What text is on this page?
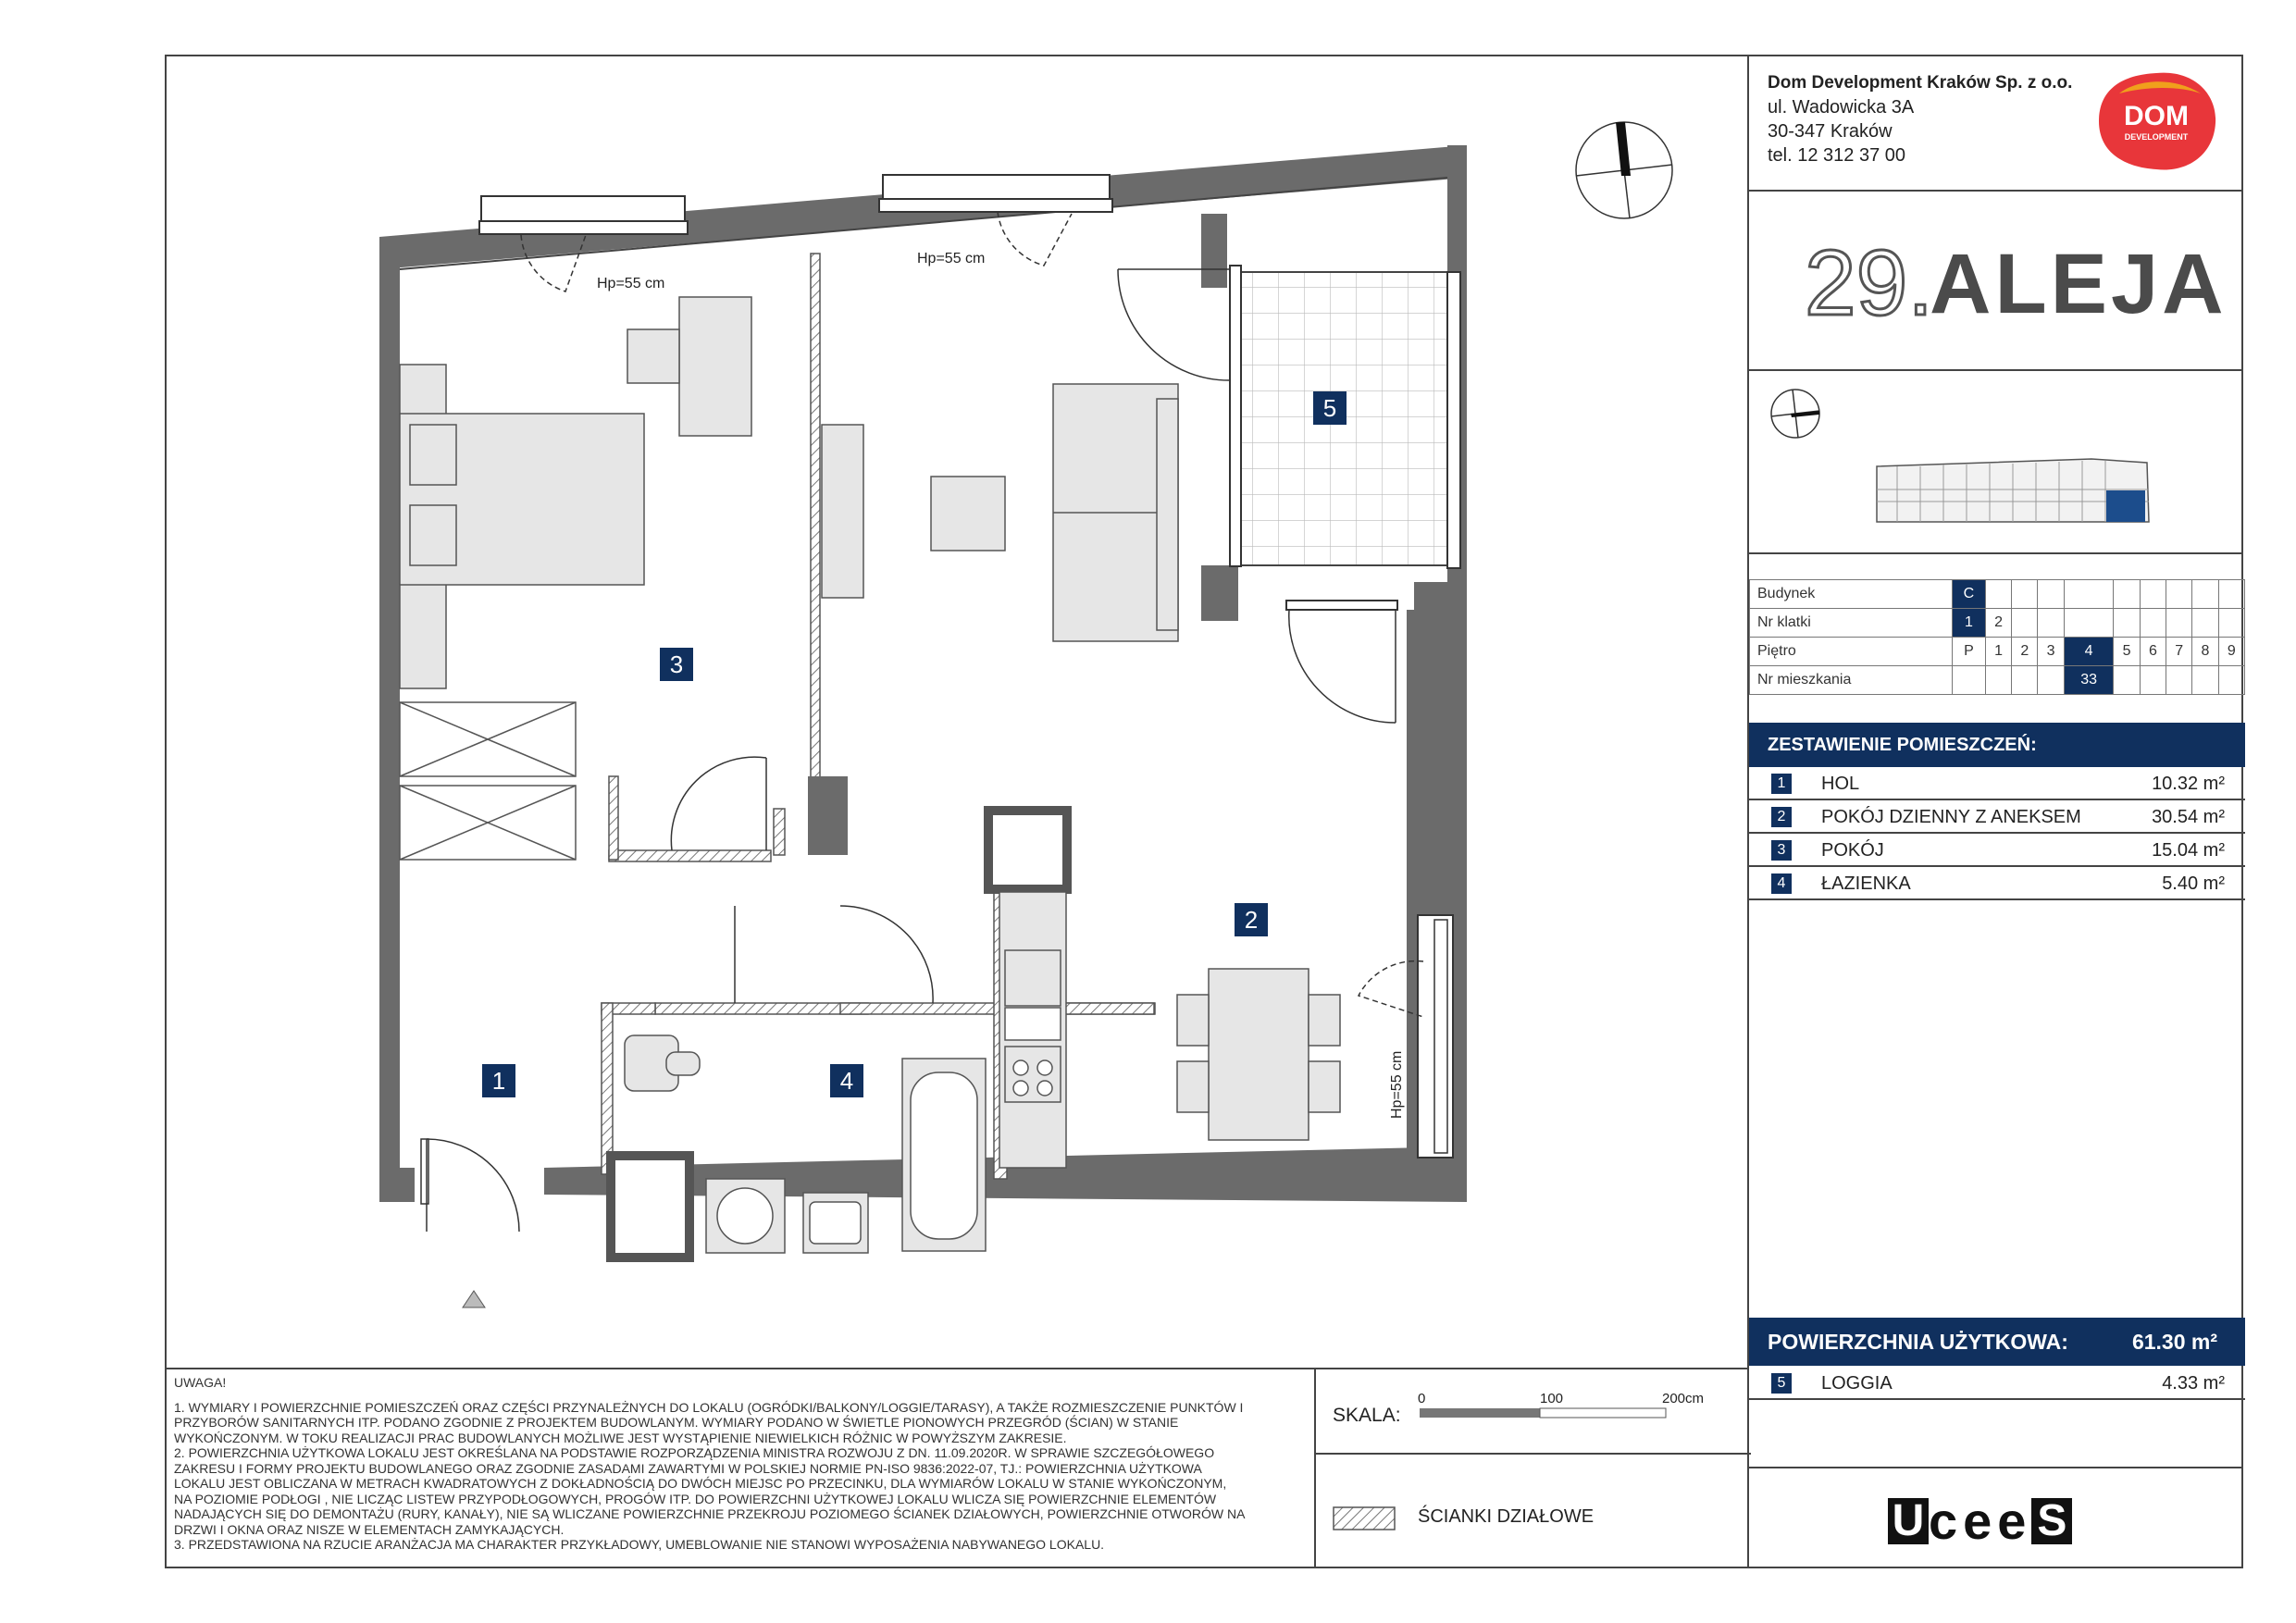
Hp=55 cm
Hp=55 cm
Hp=55 cm
1
2
3
4
5

UWAGA!

1. WYMIARY I POWIERZCHNIE POMIESZCZEŃ ORAZ CZĘŚCI PRZYNALEŻNYCH DO LOKALU (OGRÓDKI/BALKONY/LOGGIE/TARASY), A TAKŻE ROZMIESZCZENIE PUNKTÓW I

PRZYBORÓW SANITARNYCH ITP. PODANO ZGODNIE Z PROJEKTEM BUDOWLANYM. WYMIARY PODANO W ŚWIETLE PIONOWYCH PRZEGRÓD (ŚCIAN) W STANIE

WYKOŃCZONYM. W TOKU REALIZACJI PRAC BUDOWLANYCH MOŻLIWE JEST WYSTĄPIENIE NIEWIELKICH RÓŻNIC W POWYŻSZYM ZAKRESIE.

2. POWIERZCHNIA UŻYTKOWA LOKALU JEST OKREŚLANA NA PODSTAWIE ROZPORZĄDZENIA MINISTRA ROZWOJU Z DN. 11.09.2020R. W SPRAWIE SZCZEGÓŁOWEGO

ZAKRESU I FORMY PROJEKTU BUDOWLANEGO ORAZ ZGODNIE ZASADAMI ZAWARTYMI W POLSKIEJ NORMIE PN-ISO 9836:2022-07, TJ.: POWIERZCHNIA UŻYTKOWA

LOKALU JEST OBLICZANA W METRACH KWADRATOWYCH Z DOKŁADNOŚCIĄ DO DWÓCH MIEJSC PO PRZECINKU, DLA WYMIARÓW LOKALU W STANIE WYKOŃCZONYM,

NA POZIOMIE PODŁOGI , NIE LICZĄC LISTEW PRZYPODŁOGOWYCH, PROGÓW ITP. DO POWIERZCHNI UŻYTKOWEJ LOKALU WLICZA SIĘ POWIERZCHNIE ELEMENTÓW

NADAJĄCYCH SIĘ DO DEMONTAŻU (RURY, KANAŁY), NIE SĄ WLICZANE POWIERZCHNIE PRZEKROJU POZIOMEGO ŚCIANEK DZIAŁOWYCH, POWIERZCHNIE OTWORÓW NA

DRZWI I OKNA ORAZ NISZE W ELEMENTACH ZAMYKAJĄCYCH.

3. PRZEDSTAWIONA NA RZUCIE ARANŻACJA MA CHARAKTER PRZYKŁADOWY, UMEBLOWANIE NIE STANOWI WYPOSAŻENIA NABYWANEGO LOKALU.

SKALA:
0	100	200cm
ŚCIANKI DZIAŁOWE
Dom Development Kraków Sp. z o.o.
ul. Wadowicka 3A
30-347 Kraków
tel. 12 312 37 00
DOM
DEVELOPMENT
29.
ALEJA
Budynek	C									
Nr klatki	1	2								
Piętro	P	1	2	3	4	5	6	7	8	9
Nr mieszkania					33					
ZESTAWIENIE POMIESZCZEŃ:
1	HOL	10.32 m²
2	POKÓJ DZIENNY Z ANEKSEM	30.54 m²
3	POKÓJ	15.04 m²
4	ŁAZIENKA	5.40 m²
POWIERZCHNIA UŻYTKOWA:	61.30 m²
5	LOGGIA	4.33 m²
Ucee S
